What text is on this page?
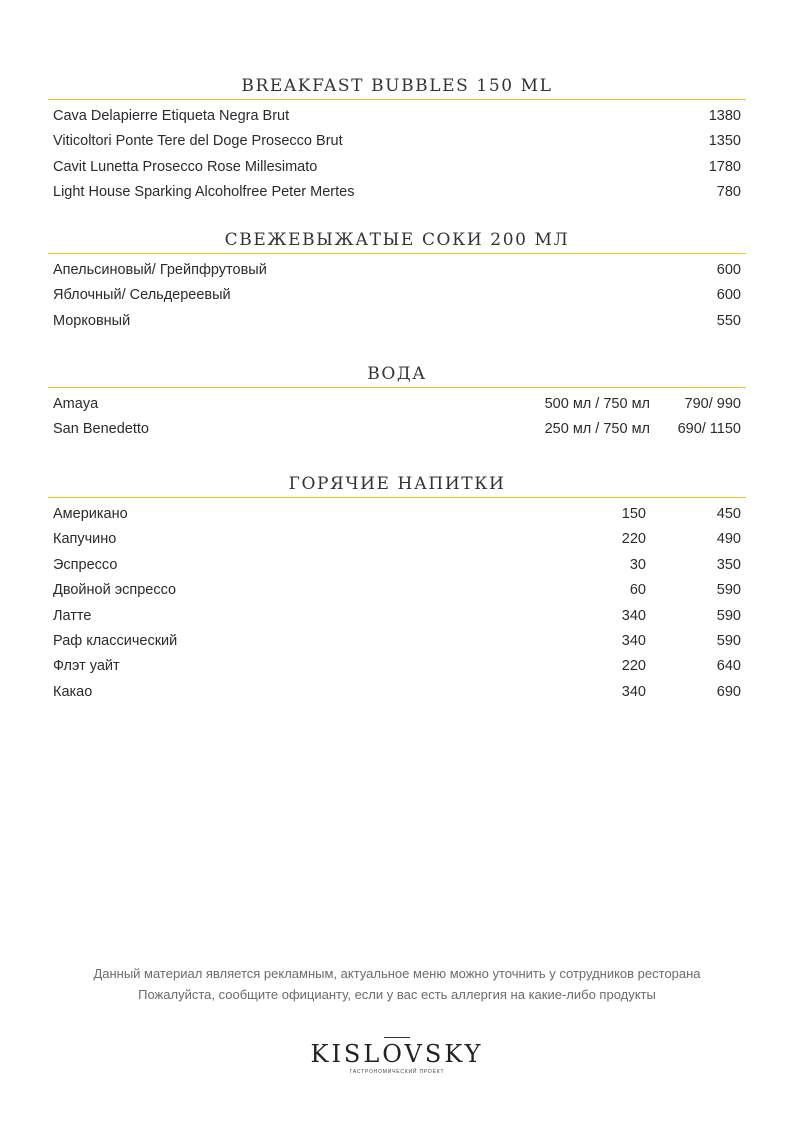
BREAKFAST BUBBLES 150 ML
Cava Delapierre Etiqueta Negra Brut	1380
Viticoltori Ponte Tere del Doge Prosecco Brut	1350
Cavit Lunetta Prosecco Rose Millesimato	1780
Light House Sparking Alcoholfree Peter Mertes	780
СВЕЖЕВЫЖАТЫЕ СОКИ 200 МЛ
Апельсиновый/ Грейпфрутовый	600
Яблочный/ Сельдереевый	600
Морковный	550
ВОДА
Amaya	500 мл / 750 мл 790/ 990
San Benedetto	250 мл / 750 мл 690/ 1150
ГОРЯЧИЕ НАПИТКИ
Американо	150	450
Капучино	220	490
Эспрессо	30	350
Двойной эспрессо	60	590
Латте	340	590
Раф классический	340	590
Флэт уайт	220	640
Какао	340	690
Данный материал является рекламным, актуальное меню можно уточнить у сотрудников ресторана
Пожалуйста, сообщите официанту, если у вас есть аллергия на какие-либо продукты
KISLOVSKY
ГАСТРОНОМИЧЕСКИЙ ПРОЕКТ
